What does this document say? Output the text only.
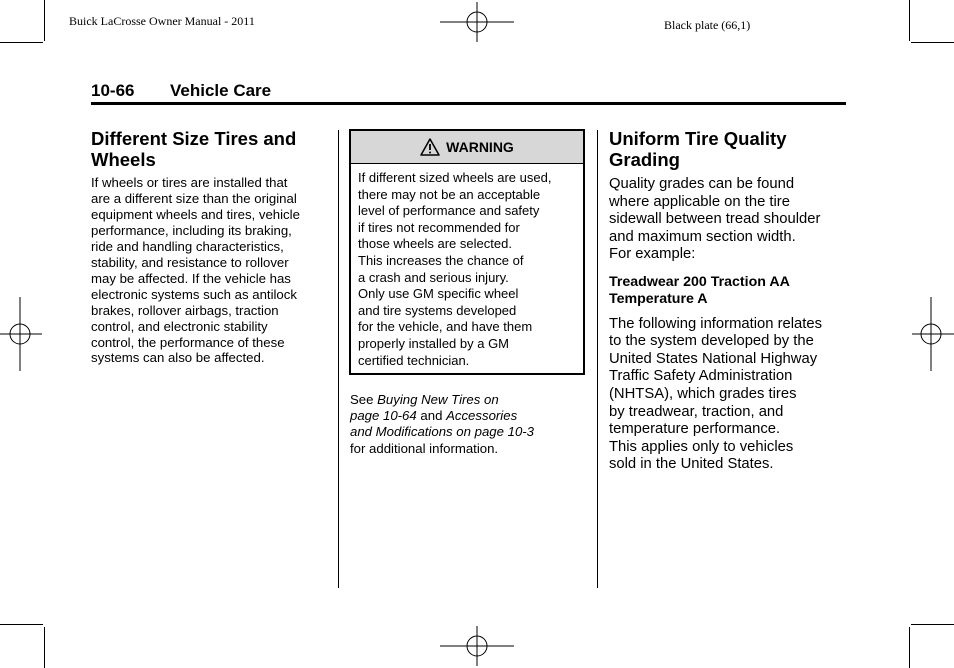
Buick LaCrosse Owner Manual - 2011	Black plate (66,1)
10-66 Vehicle Care
Different Size Tires and Wheels

If wheels or tires are installed that
are a different size than the original
equipment wheels and tires, vehicle
performance, including its braking,
ride and handling characteristics,
stability, and resistance to rollover
may be affected. If the vehicle has
electronic systems such as antilock
brakes, rollover airbags, traction
control, and electronic stability
control, the performance of these
systems can also be affected.

WARNING
If different sized wheels are used,
there may not be an acceptable
level of performance and safety
if tires not recommended for
those wheels are selected.
This increases the chance of
a crash and serious injury.
Only use GM specific wheel
and tire systems developed
for the vehicle, and have them
properly installed by a GM
certified technician.
See Buying New Tires on
page 10-64 and Accessories
and Modifications on page 10-3
for additional information.
Uniform Tire Quality Grading

Quality grades can be found
where applicable on the tire
sidewall between tread shoulder
and maximum section width.
For example:

Treadwear 200 Traction AA
Temperature A

The following information relates
to the system developed by the
United States National Highway
Traffic Safety Administration
(NHTSA), which grades tires
by treadwear, traction, and
temperature performance.
This applies only to vehicles
sold in the United States.
